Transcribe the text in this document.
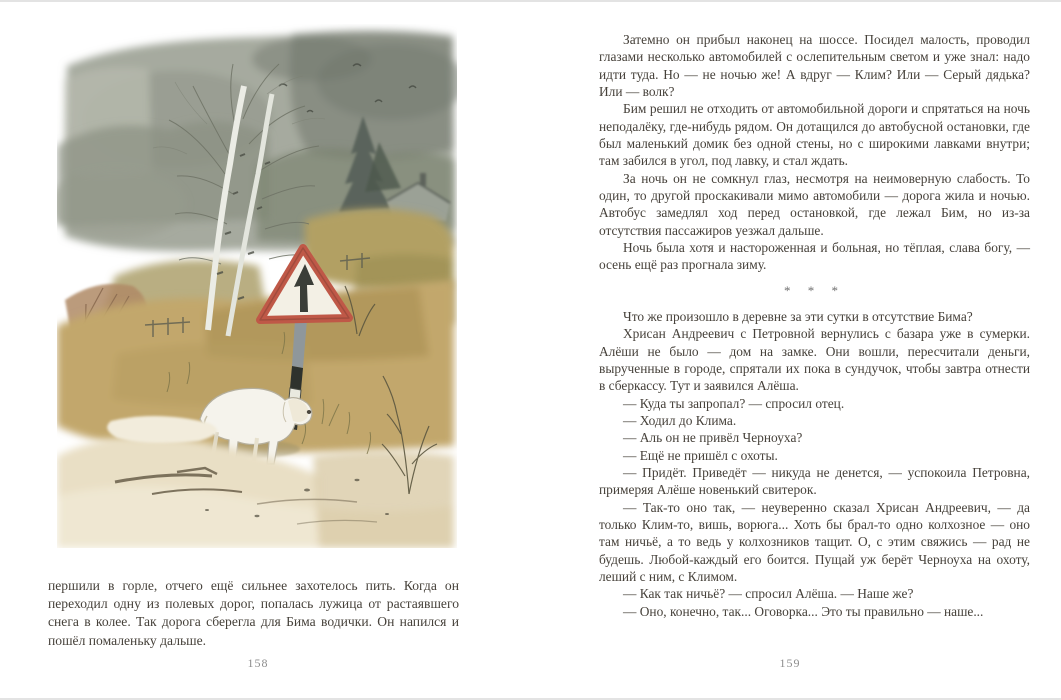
першили в горле, отчего ещё сильнее захотелось пить. Когда он переходил одну из полевых дорог, попалась лужица от растаявшего снега в колее. Так дорога сберегла для Бима водички. Он напился и пошёл помаленьку дальше.

158

Затемно он прибыл наконец на шоссе. Посидел малость, проводил глазами несколько автомобилей с ослепительным светом и уже знал: надо идти туда. Но — не ночью же! А вдруг — Клим? Или — Серый дядька? Или — волк?

Бим решил не отходить от автомобильной дороги и спрятаться на ночь неподалёку, где-нибудь рядом. Он дотащился до автобусной остановки, где был маленький домик без одной стены, но с широкими лавками внутри; там забился в угол, под лавку, и стал ждать.

За ночь он не сомкнул глаз, несмотря на неимоверную слабость. То один, то другой проскакивали мимо автомобили — дорога жила и ночью. Автобус замедлял ход перед остановкой, где лежал Бим, но из-за отсутствия пассажиров уезжал дальше.

Ночь была хотя и настороженная и больная, но тёплая, слава богу, — осень ещё раз прогнала зиму.

* * *

Что же произошло в деревне за эти сутки в отсутствие Бима?

Хрисан Андреевич с Петровной вернулись с базара уже в сумерки. Алёши не было — дом на замке. Они вошли, пересчитали деньги, вырученные в городе, спрятали их пока в сундучок, чтобы завтра отнести в сберкассу. Тут и заявился Алёша.

— Куда ты запропал? — спросил отец.

— Ходил до Клима.

— Аль он не привёл Черноуха?

— Ещё не пришёл с охоты.

— Придёт. Приведёт — никуда не денется, — успокоила Петровна, примеряя Алёше новенький свитерок.

— Так-то оно так, — неуверенно сказал Хрисан Андреевич, — да только Клим-то, вишь, ворюга... Хоть бы брал-то одно колхозное — оно там ничьё, а то ведь у колхозников тащит. О, с этим свяжись — рад не будешь. Любой-каждый его боится. Пущай уж берёт Черноуха на охоту, леший с ним, с Климом.

— Как так ничьё? — спросил Алёша. — Наше же?

— Оно, конечно, так... Оговорка... Это ты правильно — наше...

159
